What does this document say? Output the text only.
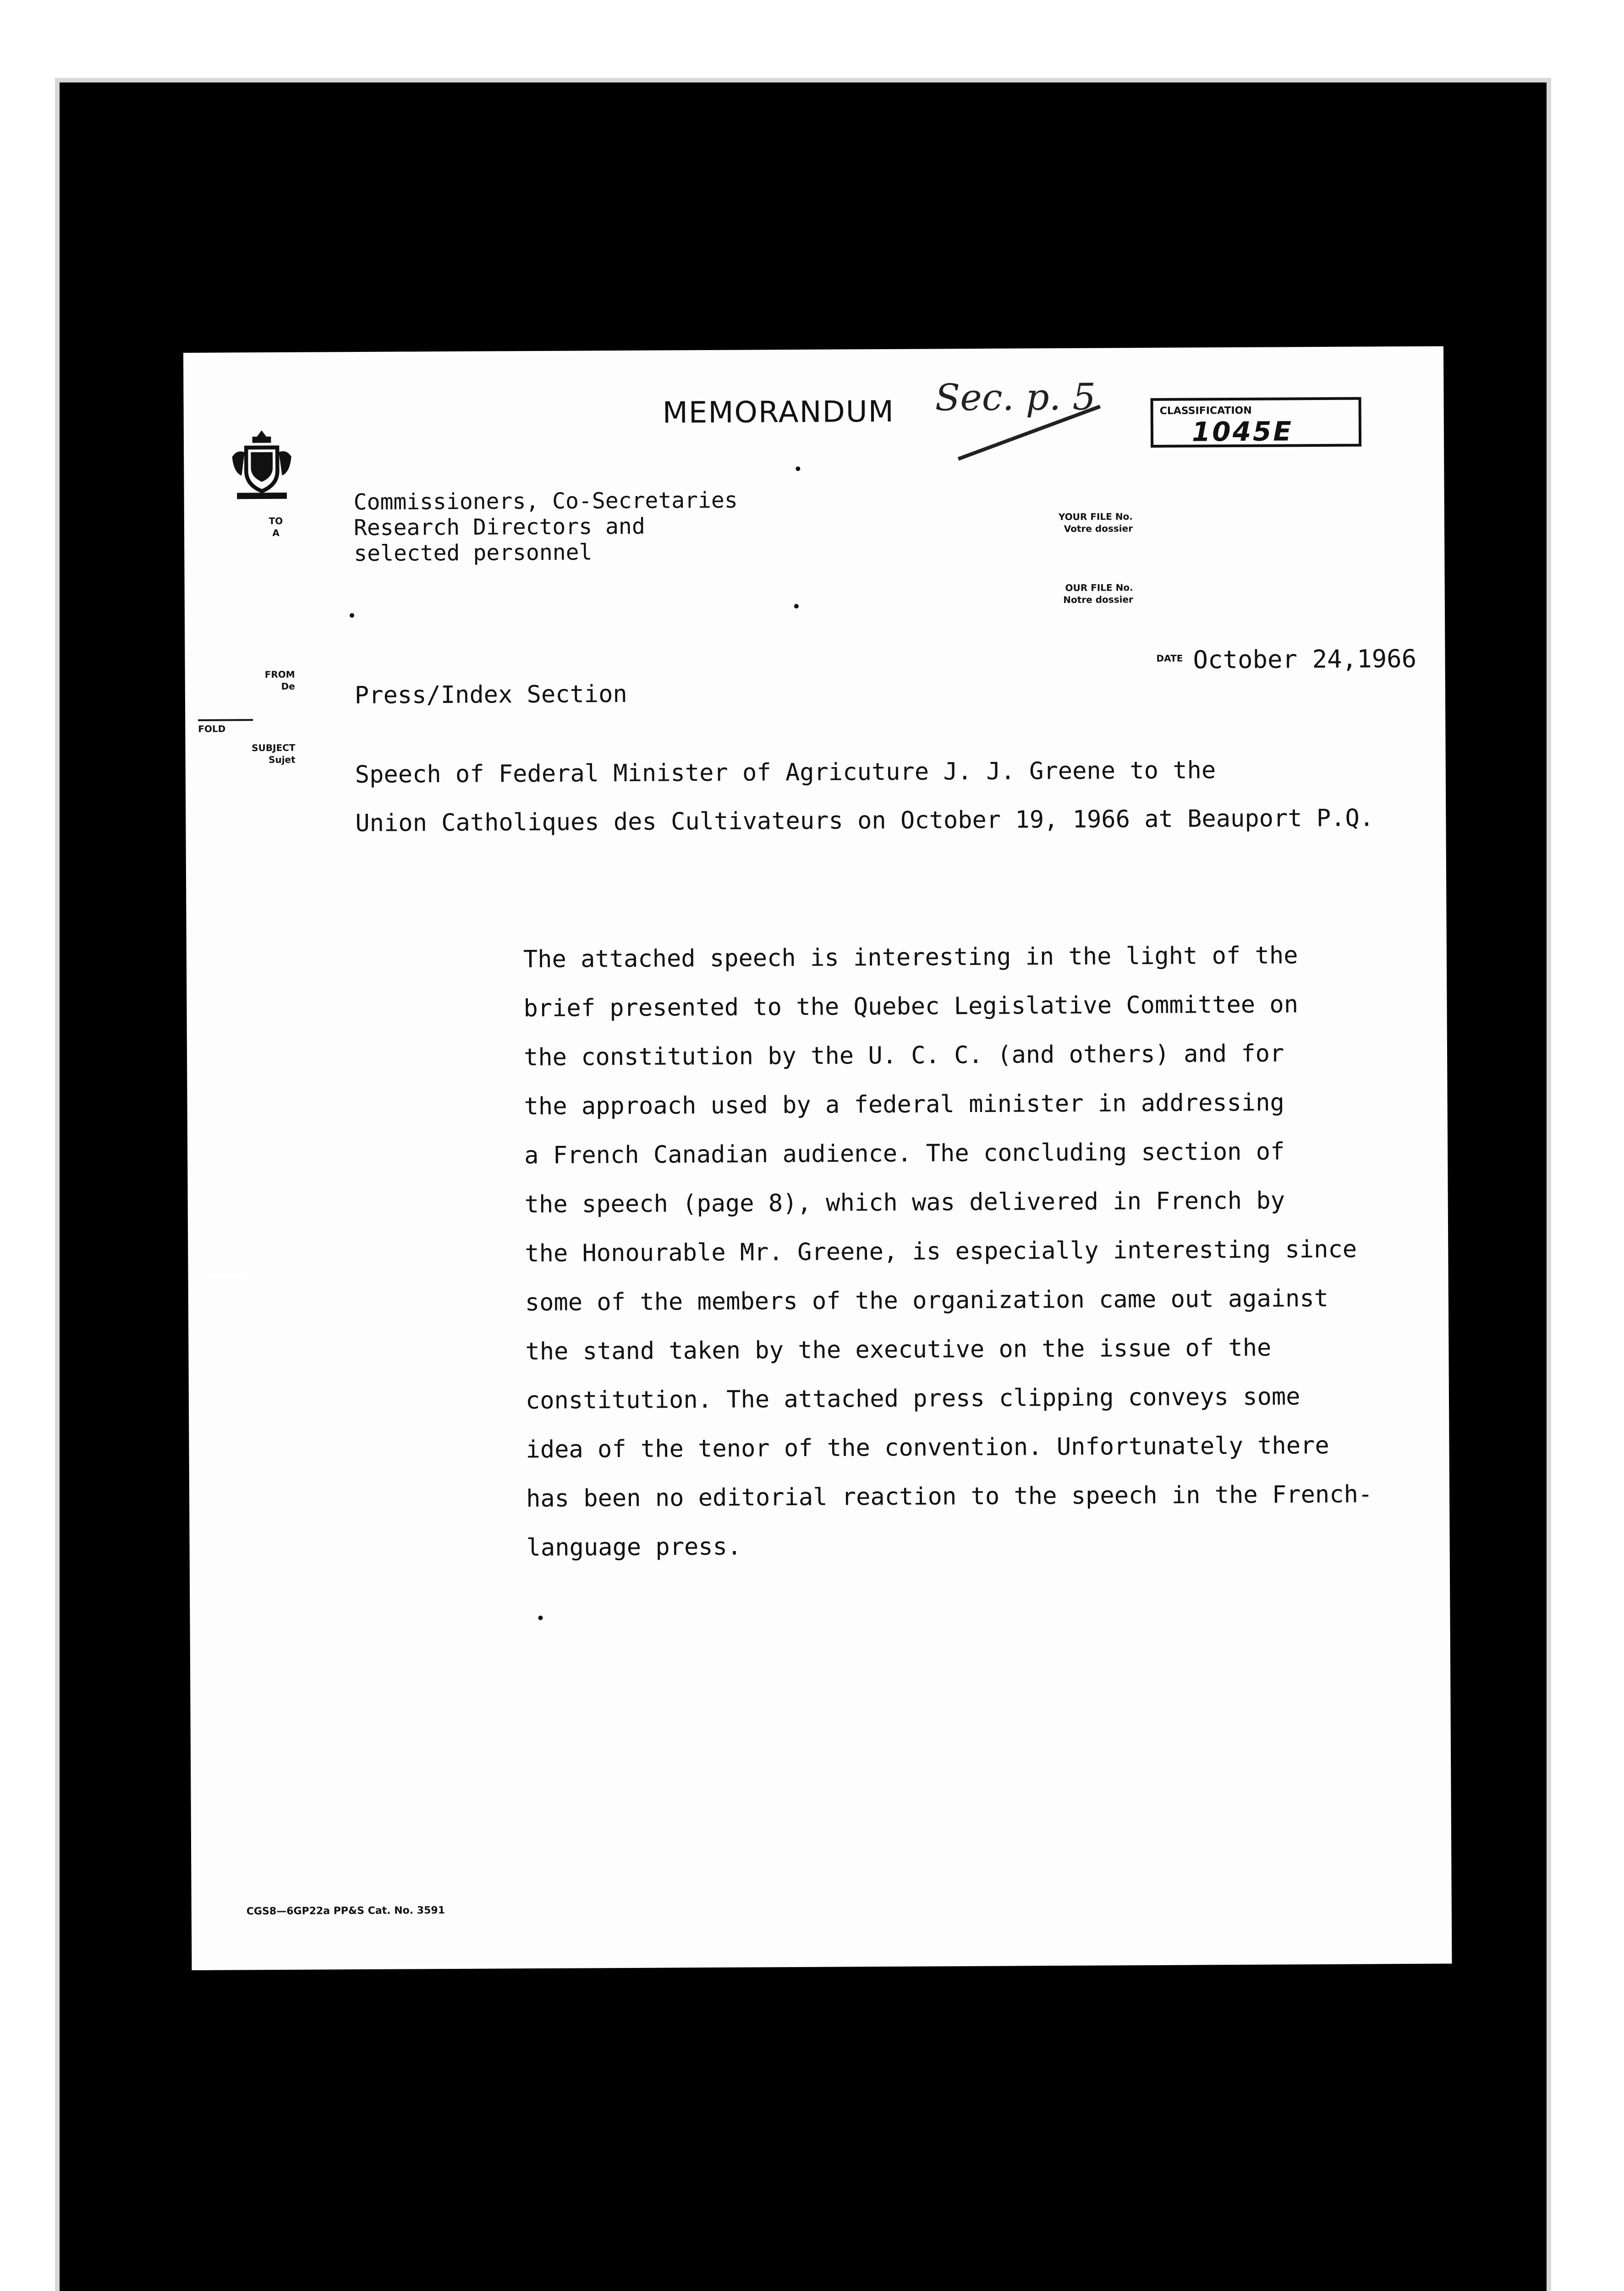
MEMORANDUM Sec. p. 5	CLASSIFICATION
1045E
TO
A
Commissioners, Co-Secretaries
Research Directors and
selected personnel
YOUR FILE No.
Votre dossier
OUR FILE No.
Notre dossier
DATE October 24,1966
FROM
De Press/Index Section
FOLD
SUBJECT
Sujet Speech of Federal Minister of Agricuture J. J. Greene to the
Union Catholiques des Cultivateurs on October 19, 1966 at Beauport P.Q.

The attached speech is interesting in the light of the

brief presented to the Quebec Legislative Committee on

the constitution by the U. C. C. (and others) and for

the approach used by a federal minister in addressing

a French Canadian audience. The concluding section of

the speech (page 8), which was delivered in French by

the Honourable Mr. Greene, is especially interesting since

some of the members of the organization came out against

the stand taken by the executive on the issue of the

constitution. The attached press clipping conveys some

idea of the tenor of the convention. Unfortunately there

has been no editorial reaction to the speech in the French-

language press.

CGS8—6GP22a PP&S Cat. No. 3591
